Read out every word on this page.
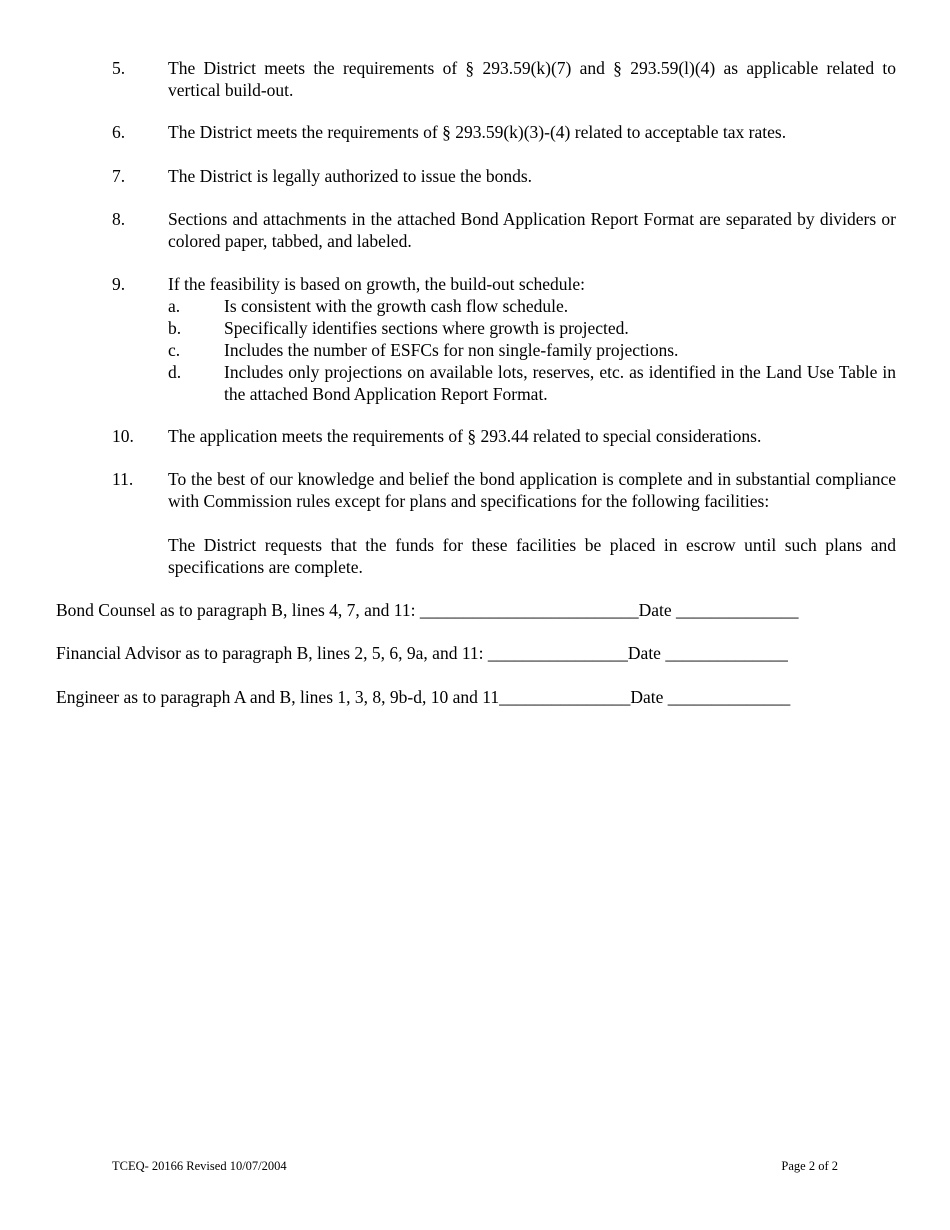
5. The District meets the requirements of § 293.59(k)(7) and § 293.59(l)(4) as applicable related to vertical build-out.
6. The District meets the requirements of § 293.59(k)(3)-(4) related to acceptable tax rates.
7. The District is legally authorized to issue the bonds.
8. Sections and attachments in the attached Bond Application Report Format are separated by dividers or colored paper, tabbed, and labeled.
9. If the feasibility is based on growth, the build-out schedule:
a.	Is consistent with the growth cash flow schedule.
b. Specifically identifies sections where growth is projected.
c.	Includes the number of ESFCs for non single-family projections.
d. Includes only projections on available lots, reserves, etc. as identified in the Land Use Table in the attached Bond Application Report Format.
10. The application meets the requirements of § 293.44 related to special considerations.
11. To the best of our knowledge and belief the bond application is complete and in substantial compliance with Commission rules except for plans and specifications for the following facilities:
The District requests that the funds for these facilities be placed in escrow until such plans and specifications are complete.
Bond Counsel as to paragraph B, lines 4, 7, and 11: _________________________Date ______________
Financial Advisor as to paragraph B, lines 2, 5, 6, 9a, and 11: ________________Date ______________
Engineer as to paragraph A and B, lines 1, 3, 8, 9b-d, 10 and 11_______________Date ______________
TCEQ- 20166 Revised 10/07/2004	Page 2 of 2
